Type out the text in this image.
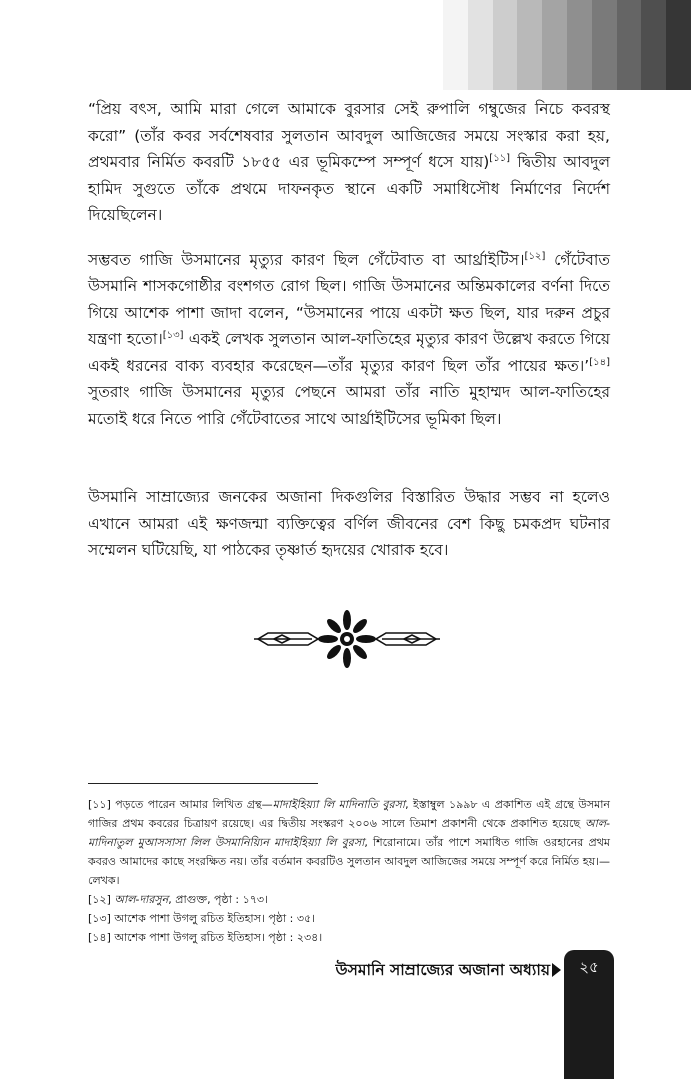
“প্রিয় বৎস, আমি মারা গেলে আমাকে বুরসার সেই রুপালি গম্বুজের নিচে কবরস্থ করো” (তাঁর কবর সর্বশেষবার সুলতান আবদুল আজিজের সময়ে সংস্কার করা হয়, প্রথমবার নির্মিত কবরটি ১৮৫৫ এর ভূমিকম্পে সম্পূর্ণ ধসে যায়)[১১] দ্বিতীয় আবদুল হামিদ সুগুতে তাঁকে প্রথমে দাফনকৃত স্থানে একটি সমাধিসৌধ নির্মাণের নির্দেশ দিয়েছিলেন।

সম্ভবত গাজি উসমানের মৃত্যুর কারণ ছিল গেঁটেবাত বা আর্থ্রাইটিস।[১২] গেঁটেবাত উসমানি শাসকগোষ্ঠীর বংশগত রোগ ছিল। গাজি উসমানের অন্তিমকালের বর্ণনা দিতে গিয়ে আশেক পাশা জাদা বলেন, “উসমানের পায়ে একটা ক্ষত ছিল, যার দরুন প্রচুর যন্ত্রণা হতো।[১৩] একই লেখক সুলতান আল-ফাতিহের মৃত্যুর কারণ উল্লেখ করতে গিয়ে একই ধরনের বাক্য ব্যবহার করেছেন—তাঁর মৃত্যুর কারণ ছিল তাঁর পায়ের ক্ষত।’[১৪] সুতরাং গাজি উসমানের মৃত্যুর পেছনে আমরা তাঁর নাতি মুহাম্মদ আল-ফাতিহের মতোই ধরে নিতে পারি গেঁটেবাতের সাথে আর্থ্রাইটিসের ভূমিকা ছিল।

উসমানি সাম্রাজ্যের জনকের অজানা দিকগুলির বিস্তারিত উদ্ধার সম্ভব না হলেও এখানে আমরা এই ক্ষণজন্মা ব্যক্তিত্বের বর্ণিল জীবনের বেশ কিছু চমকপ্রদ ঘটনার সম্মেলন ঘটিয়েছি, যা পাঠকের তৃষ্ণার্ত হৃদয়ের খোরাক হবে।

[১১] পড়তে পারেন আমার লিখিত গ্রন্থ—মাদাইহিয়্যা লি মাদিনাতি বুরসা, ইস্তাম্বুল ১৯৯৮ এ প্রকাশিত এই গ্রন্থে উসমান গাজির প্রথম কবরের চিত্রায়ণ রয়েছে। এর দ্বিতীয় সংস্করণ ২০০৬ সালে তিমাশ প্রকাশনী থেকে প্রকাশিত হয়েছে আল-মাদিনাতুল মুআসসাসা লিল উসমানিয়্যিন মাদাইহিয়্যা লি বুরসা, শিরোনামে। তাঁর পাশে সমাধিত গাজি ওরহানের প্রথম কবরও আমাদের কাছে সংরক্ষিত নয়। তাঁর বর্তমান কবরটিও সুলতান আবদুল আজিজের সময়ে সম্পূর্ণ করে নির্মিত হয়।—লেখক।

[১২] আল-দারসুন, প্রাগুক্ত, পৃষ্ঠা : ১৭৩।

[১৩] আশেক পাশা উগলু রচিত ইতিহাস। পৃষ্ঠা : ৩৫।

[১৪] আশেক পাশা উগলু রচিত ইতিহাস। পৃষ্ঠা : ২৩৪।

উসমানি সাম্রাজ্যের অজানা অধ্যায়	২৫
